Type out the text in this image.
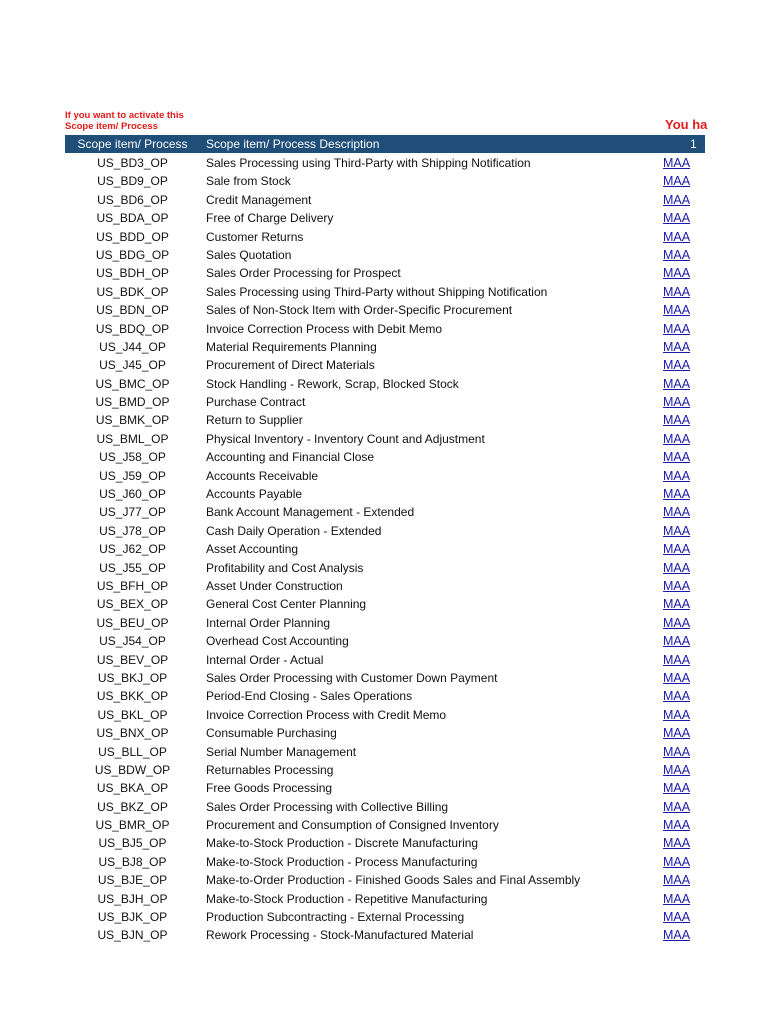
If you want to activate this
Scope item/ Process	You ha
Scope item/ Process	Scope item/ Process Description	1
US_BD3_OP	Sales Processing using Third-Party with Shipping Notification	MAA
US_BD9_OP	Sale from Stock	MAA
US_BD6_OP	Credit Management	MAA
US_BDA_OP	Free of Charge Delivery	MAA
US_BDD_OP	Customer Returns	MAA
US_BDG_OP	Sales Quotation	MAA
US_BDH_OP	Sales Order Processing for Prospect	MAA
US_BDK_OP	Sales Processing using Third-Party without Shipping Notification	MAA
US_BDN_OP	Sales of Non-Stock Item with Order-Specific Procurement	MAA
US_BDQ_OP	Invoice Correction Process with Debit Memo	MAA
US_J44_OP	Material Requirements Planning	MAA
US_J45_OP	Procurement of Direct Materials	MAA
US_BMC_OP	Stock Handling - Rework, Scrap, Blocked Stock	MAA
US_BMD_OP	Purchase Contract	MAA
US_BMK_OP	Return to Supplier	MAA
US_BML_OP	Physical Inventory - Inventory Count and Adjustment	MAA
US_J58_OP	Accounting and Financial Close	MAA
US_J59_OP	Accounts Receivable	MAA
US_J60_OP	Accounts Payable	MAA
US_J77_OP	Bank Account Management - Extended	MAA
US_J78_OP	Cash Daily Operation - Extended	MAA
US_J62_OP	Asset Accounting	MAA
US_J55_OP	Profitability and Cost Analysis	MAA
US_BFH_OP	Asset Under Construction	MAA
US_BEX_OP	General Cost Center Planning	MAA
US_BEU_OP	Internal Order Planning	MAA
US_J54_OP	Overhead Cost Accounting	MAA
US_BEV_OP	Internal Order - Actual	MAA
US_BKJ_OP	Sales Order Processing with Customer Down Payment	MAA
US_BKK_OP	Period-End Closing - Sales Operations	MAA
US_BKL_OP	Invoice Correction Process with Credit Memo	MAA
US_BNX_OP	Consumable Purchasing	MAA
US_BLL_OP	Serial Number Management	MAA
US_BDW_OP	Returnables Processing	MAA
US_BKA_OP	Free Goods Processing	MAA
US_BKZ_OP	Sales Order Processing with Collective Billing	MAA
US_BMR_OP	Procurement and Consumption of Consigned Inventory	MAA
US_BJ5_OP	Make-to-Stock Production - Discrete Manufacturing	MAA
US_BJ8_OP	Make-to-Stock Production - Process Manufacturing	MAA
US_BJE_OP	Make-to-Order Production - Finished Goods Sales and Final Assembly	MAA
US_BJH_OP	Make-to-Stock Production - Repetitive Manufacturing	MAA
US_BJK_OP	Production Subcontracting - External Processing	MAA
US_BJN_OP	Rework Processing - Stock-Manufactured Material	MAA
